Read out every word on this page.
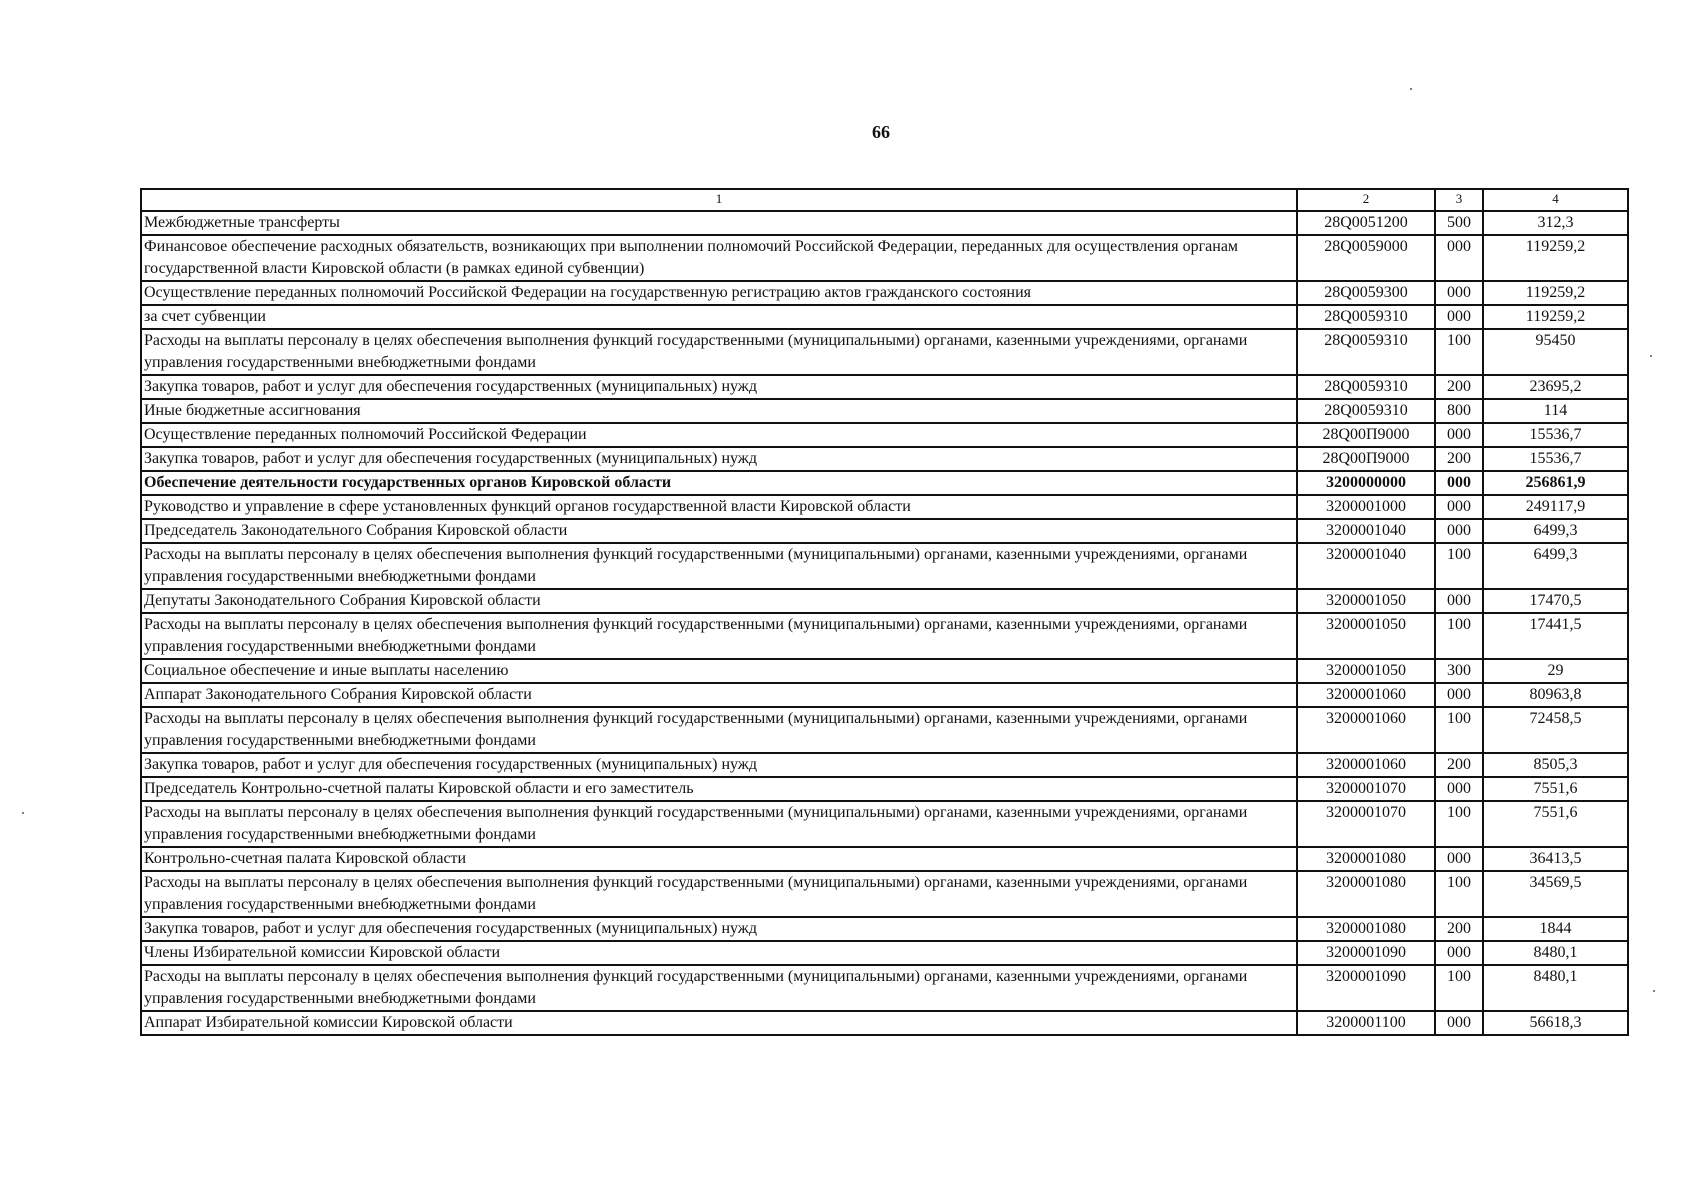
66
1	2	3	4
Межбюджетные трансферты	28Q0051200	500	312,3
Финансовое обеспечение расходных обязательств, возникающих при выполнении полномочий Российской Федерации, переданных для осуществления органам государственной власти Кировской области (в рамках единой субвенции)	28Q0059000	000	119259,2
Осуществление переданных полномочий Российской Федерации на государственную регистрацию актов гражданского состояния	28Q0059300	000	119259,2
за счет субвенции	28Q0059310	000	119259,2
Расходы на выплаты персоналу в целях обеспечения выполнения функций государственными (муниципальными) органами, казенными учреждениями, органами управления государственными внебюджетными фондами	28Q0059310	100	95450
Закупка товаров, работ и услуг для обеспечения государственных (муниципальных) нужд	28Q0059310	200	23695,2
Иные бюджетные ассигнования	28Q0059310	800	114
Осуществление переданных полномочий Российской Федерации	28Q00П9000	000	15536,7
Закупка товаров, работ и услуг для обеспечения государственных (муниципальных) нужд	28Q00П9000	200	15536,7
Обеспечение деятельности государственных органов Кировской области	3200000000	000	256861,9
Руководство и управление в сфере установленных функций органов государственной власти Кировской области	3200001000	000	249117,9
Председатель Законодательного Собрания Кировской области	3200001040	000	6499,3
Расходы на выплаты персоналу в целях обеспечения выполнения функций государственными (муниципальными) органами, казенными учреждениями, органами управления государственными внебюджетными фондами	3200001040	100	6499,3
Депутаты Законодательного Собрания Кировской области	3200001050	000	17470,5
Расходы на выплаты персоналу в целях обеспечения выполнения функций государственными (муниципальными) органами, казенными учреждениями, органами управления государственными внебюджетными фондами	3200001050	100	17441,5
Социальное обеспечение и иные выплаты населению	3200001050	300	29
Аппарат Законодательного Собрания Кировской области	3200001060	000	80963,8
Расходы на выплаты персоналу в целях обеспечения выполнения функций государственными (муниципальными) органами, казенными учреждениями, органами управления государственными внебюджетными фондами	3200001060	100	72458,5
Закупка товаров, работ и услуг для обеспечения государственных (муниципальных) нужд	3200001060	200	8505,3
Председатель Контрольно-счетной палаты Кировской области и его заместитель	3200001070	000	7551,6
Расходы на выплаты персоналу в целях обеспечения выполнения функций государственными (муниципальными) органами, казенными учреждениями, органами управления государственными внебюджетными фондами	3200001070	100	7551,6
Контрольно-счетная палата Кировской области	3200001080	000	36413,5
Расходы на выплаты персоналу в целях обеспечения выполнения функций государственными (муниципальными) органами, казенными учреждениями, органами управления государственными внебюджетными фондами	3200001080	100	34569,5
Закупка товаров, работ и услуг для обеспечения государственных (муниципальных) нужд	3200001080	200	1844
Члены Избирательной комиссии Кировской области	3200001090	000	8480,1
Расходы на выплаты персоналу в целях обеспечения выполнения функций государственными (муниципальными) органами, казенными учреждениями, органами управления государственными внебюджетными фондами	3200001090	100	8480,1
Аппарат Избирательной комиссии Кировской области	3200001100	000	56618,3
